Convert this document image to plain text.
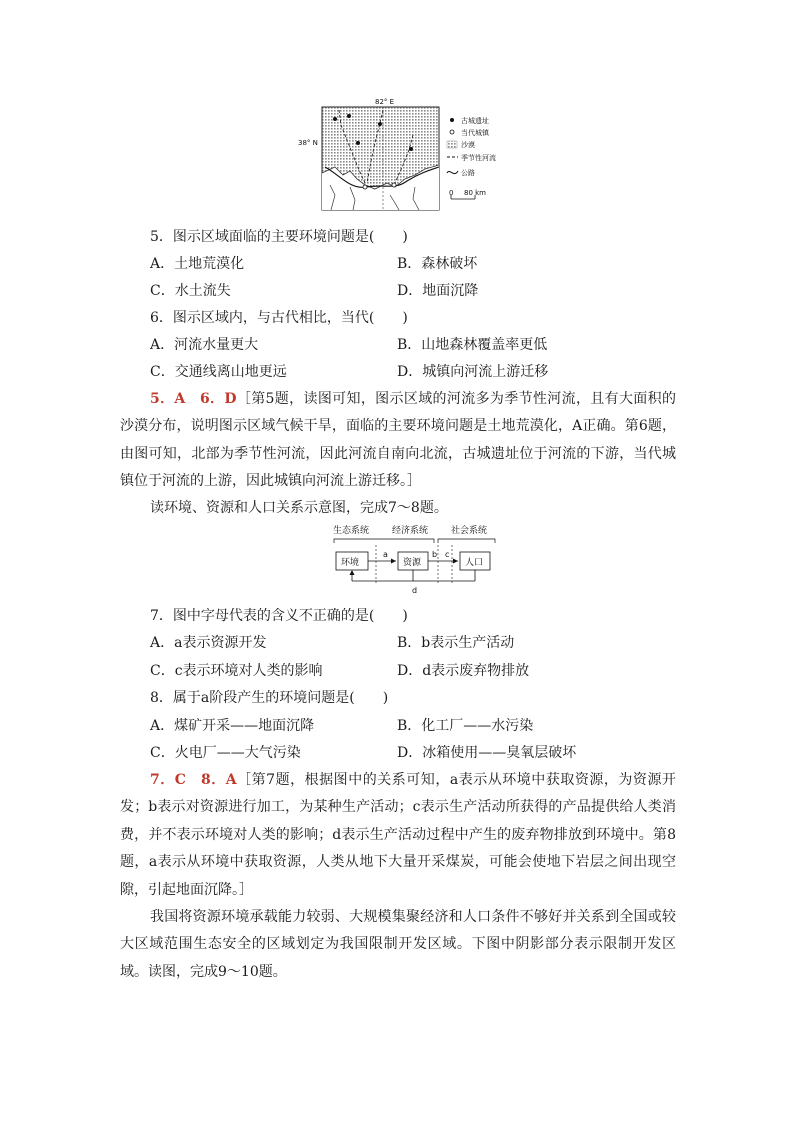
82° E
38° N
古城遗址
当代城镇
沙漠
季节性河流
公路
0 80 km
5．图示区域面临的主要环境问题是(　　)
A．土地荒漠化	B．森林破坏
C．水土流失	D．地面沉降
6．图示区域内，与古代相比，当代(　　)
A．河流水量更大	B．山地森林覆盖率更低
C．交通线离山地更远	D．城镇向河流上游迁移
5．A　6．D［第5题，读图可知，图示区域的河流多为季节性河流，且有大面积的沙漠分布，说明图示区域气候干旱，面临的主要环境问题是土地荒漠化，A正确。第6题，由图可知，北部为季节性河流，因此河流自南向北流，古城遗址位于河流的下游，当代城镇位于河流的上游，因此城镇向河流上游迁移。］
读环境、资源和人口关系示意图，完成7～8题。
生态系统	经济系统	社会系统
环境	资源	人口
a	b c
d
7．图中字母代表的含义不正确的是(　　)
A．a表示资源开发	B．b表示生产活动
C．c表示环境对人类的影响	D．d表示废弃物排放
8．属于a阶段产生的环境问题是(　　)
A．煤矿开采——地面沉降	B．化工厂——水污染
C．火电厂——大气污染	D．冰箱使用——臭氧层破坏
7．C　8．A［第7题，根据图中的关系可知，a表示从环境中获取资源，为资源开发；b表示对资源进行加工，为某种生产活动；c表示生产活动所获得的产品提供给人类消费，并不表示环境对人类的影响；d表示生产活动过程中产生的废弃物排放到环境中。第8题，a表示从环境中获取资源，人类从地下大量开采煤炭，可能会使地下岩层之间出现空隙，引起地面沉降。］
我国将资源环境承载能力较弱、大规模集聚经济和人口条件不够好并关系到全国或较大区域范围生态安全的区域划定为我国限制开发区域。下图中阴影部分表示限制开发区域。读图，完成9～10题。
